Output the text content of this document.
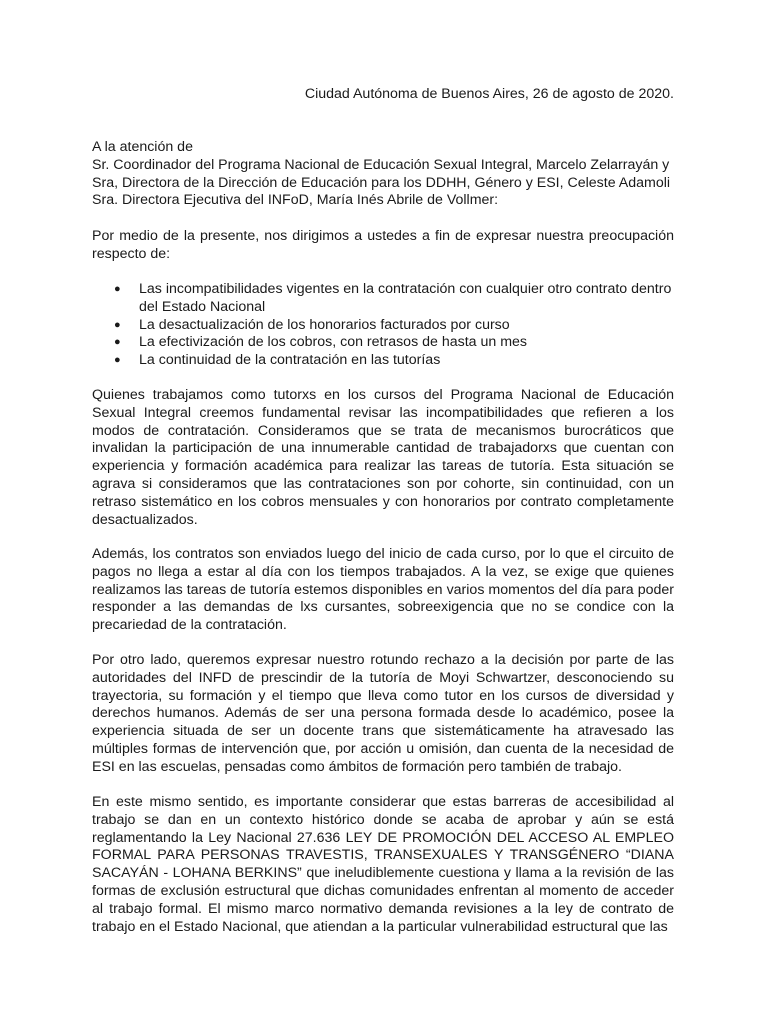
Ciudad Autónoma de Buenos Aires, 26 de agosto de 2020.

A la atención de

Sr. Coordinador del Programa Nacional de Educación Sexual Integral, Marcelo Zelarrayán y

Sra, Directora de la Dirección de Educación para los DDHH, Género y ESI, Celeste Adamoli

Sra. Directora Ejecutiva del INFoD, María Inés Abrile de Vollmer:

Por medio de la presente, nos dirigimos a ustedes a fin de expresar nuestra preocupación respecto de:

● Las incompatibilidades vigentes en la contratación con cualquier otro contrato dentro del Estado Nacional
● La desactualización de los honorarios facturados por curso
● La efectivización de los cobros, con retrasos de hasta un mes
● La continuidad de la contratación en las tutorías

Quienes trabajamos como tutorxs en los cursos del Programa Nacional de Educación Sexual Integral creemos fundamental revisar las incompatibilidades que refieren a los modos de contratación. Consideramos que se trata de mecanismos burocráticos que invalidan la participación de una innumerable cantidad de trabajadorxs que cuentan con experiencia y formación académica para realizar las tareas de tutoría. Esta situación se agrava si consideramos que las contrataciones son por cohorte, sin continuidad, con un retraso sistemático en los cobros mensuales y con honorarios por contrato completamente desactualizados.

Además, los contratos son enviados luego del inicio de cada curso, por lo que el circuito de pagos no llega a estar al día con los tiempos trabajados. A la vez, se exige que quienes realizamos las tareas de tutoría estemos disponibles en varios momentos del día para poder responder a las demandas de lxs cursantes, sobreexigencia que no se condice con la precariedad de la contratación.

Por otro lado, queremos expresar nuestro rotundo rechazo a la decisión por parte de las autoridades del INFD de prescindir de la tutoría de Moyi Schwartzer, desconociendo su trayectoria, su formación y el tiempo que lleva como tutor en los cursos de diversidad y derechos humanos. Además de ser una persona formada desde lo académico, posee la experiencia situada de ser un docente trans que sistemáticamente ha atravesado las múltiples formas de intervención que, por acción u omisión, dan cuenta de la necesidad de ESI en las escuelas, pensadas como ámbitos de formación pero también de trabajo.

En este mismo sentido, es importante considerar que estas barreras de accesibilidad al trabajo se dan en un contexto histórico donde se acaba de aprobar y aún se está reglamentando la Ley Nacional 27.636 LEY DE PROMOCIÓN DEL ACCESO AL EMPLEO FORMAL PARA PERSONAS TRAVESTIS, TRANSEXUALES Y TRANSGÉNERO “DIANA SACAYÁN - LOHANA BERKINS” que ineludiblemente cuestiona y llama a la revisión de las formas de exclusión estructural que dichas comunidades enfrentan al momento de acceder al trabajo formal. El mismo marco normativo demanda revisiones a la ley de contrato de trabajo en el Estado Nacional, que atiendan a la particular vulnerabilidad estructural que las
